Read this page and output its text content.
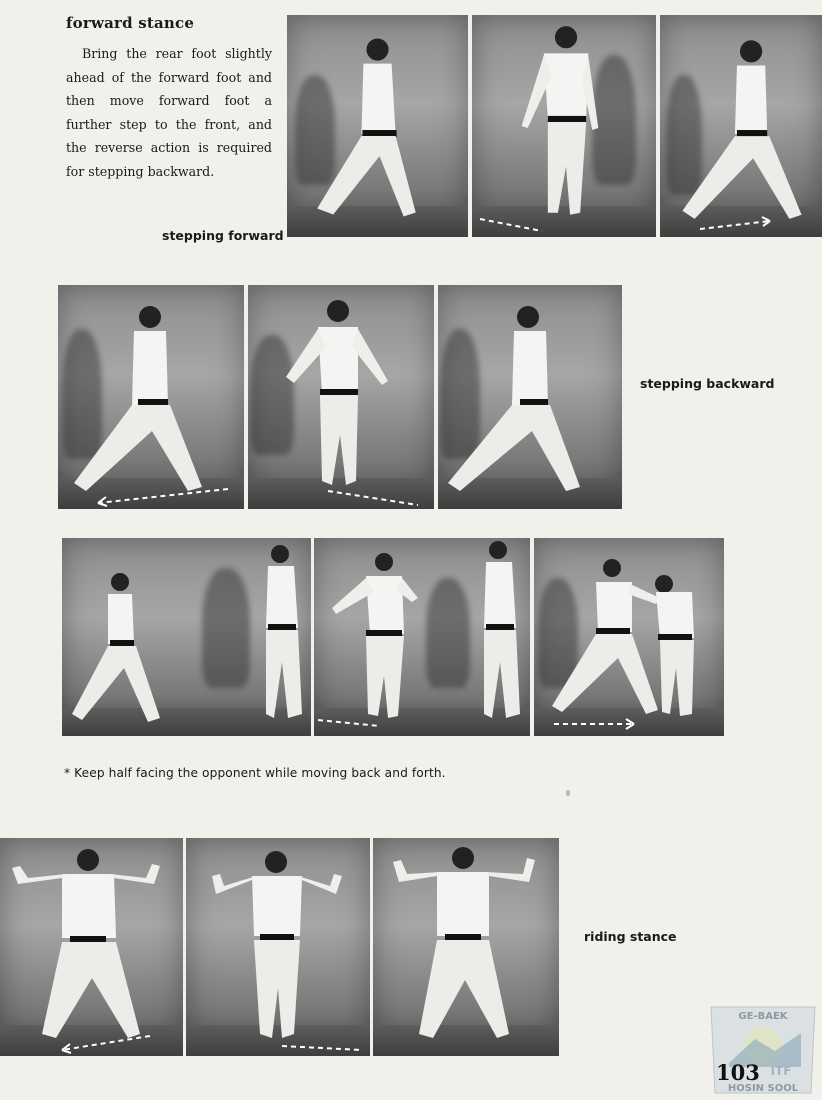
forward stance
Bring the rear foot slightly ahead of the forward foot and then move forward foot a further step to the front, and the reverse action is required for stepping backward.
stepping forward
stepping backward
* Keep half facing the opponent while moving back and forth.
riding stance
GE-BAEK
ITF
HOSIN SOOL
103
